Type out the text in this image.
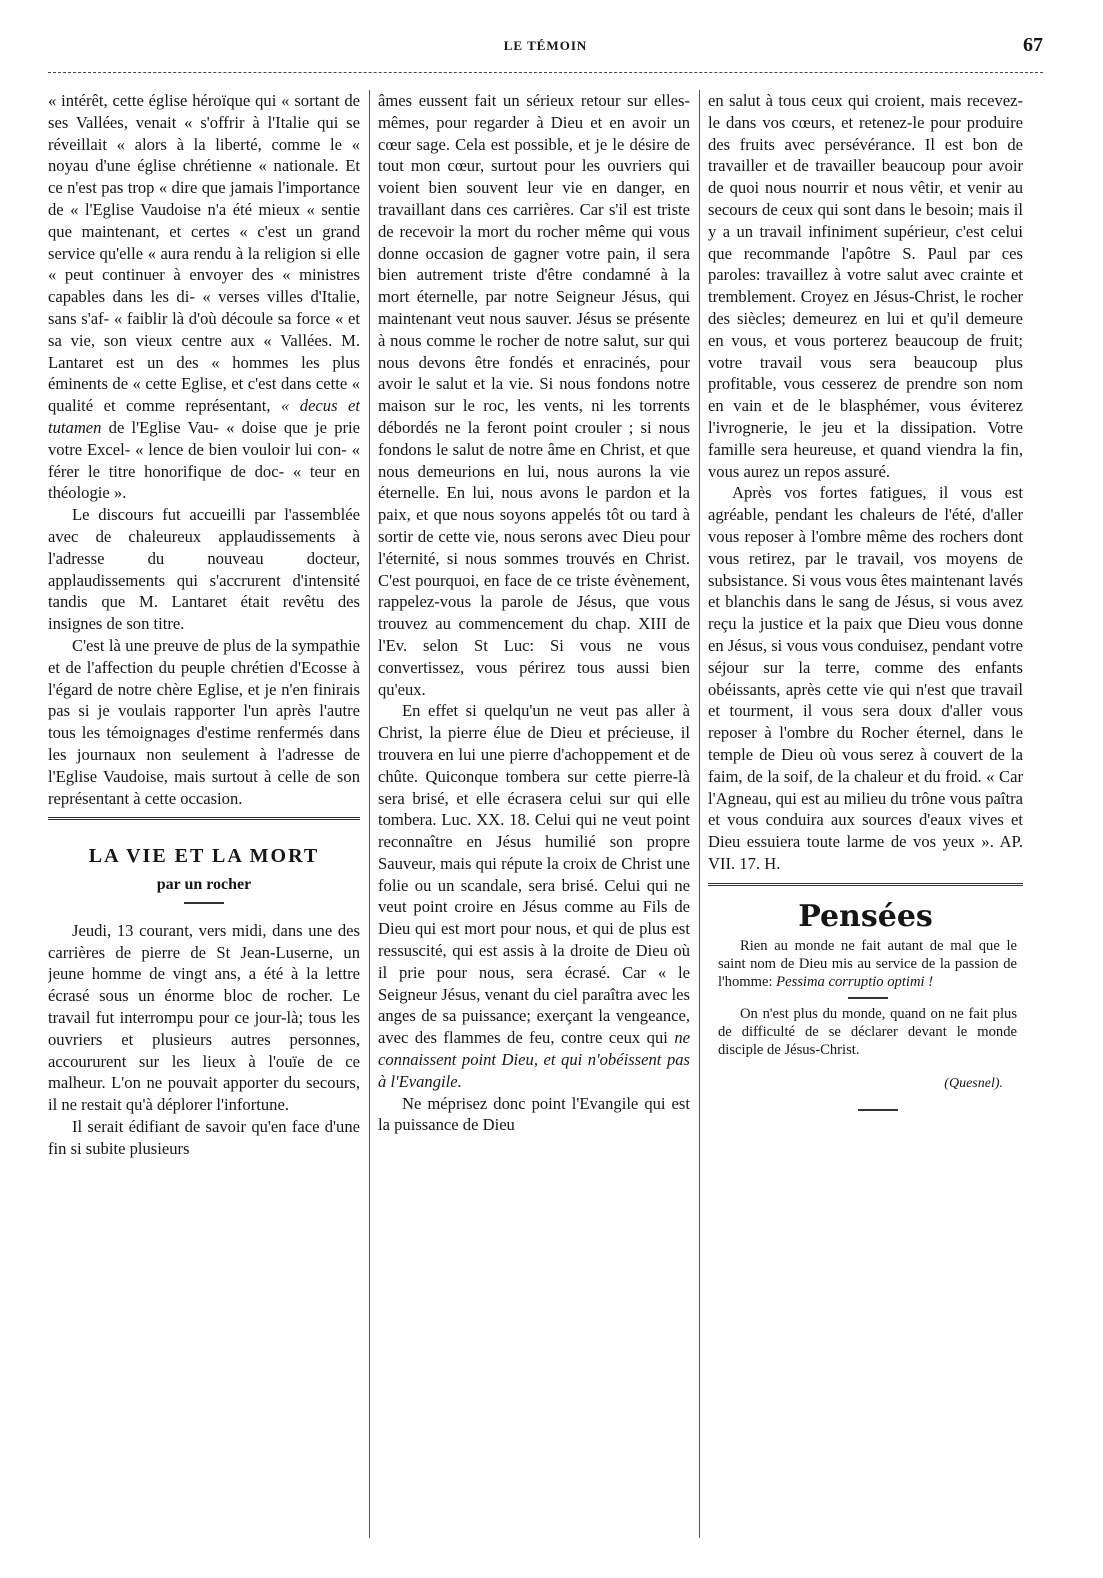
LE TÉMOIN	67

« intérêt, cette église héroïque qui « sortant de ses Vallées, venait « s'offrir à l'Italie qui se réveillait « alors à la liberté, comme le « noyau d'une église chrétienne « nationale. Et ce n'est pas trop « dire que jamais l'importance de « l'Eglise Vaudoise n'a été mieux « sentie que maintenant, et certes « c'est un grand service qu'elle « aura rendu à la religion si elle « peut continuer à envoyer des « ministres capables dans les di- « verses villes d'Italie, sans s'af- « faiblir là d'où découle sa force « et sa vie, son vieux centre aux « Vallées. M. Lantaret est un des « hommes les plus éminents de « cette Eglise, et c'est dans cette « qualité et comme représentant, « decus et tutamen de l'Eglise Vau- « doise que je prie votre Excel- « lence de bien vouloir lui con- « férer le titre honorifique de doc- « teur en théologie ».

Le discours fut accueilli par l'assemblée avec de chaleureux applaudissements à l'adresse du nouveau docteur, applaudissements qui s'accrurent d'intensité tandis que M. Lantaret était revêtu des insignes de son titre.

C'est là une preuve de plus de la sympathie et de l'affection du peuple chrétien d'Ecosse à l'égard de notre chère Eglise, et je n'en finirais pas si je voulais rapporter l'un après l'autre tous les témoignages d'estime renfermés dans les journaux non seulement à l'adresse de l'Eglise Vaudoise, mais surtout à celle de son représentant à cette occasion.

LA VIE ET LA MORT
par un rocher

Jeudi, 13 courant, vers midi, dans une des carrières de pierre de St Jean-Luserne, un jeune homme de vingt ans, a été à la lettre écrasé sous un énorme bloc de rocher. Le travail fut interrompu pour ce jour-là; tous les ouvriers et plusieurs autres personnes, accoururent sur les lieux à l'ouïe de ce malheur. L'on ne pouvait apporter du secours, il ne restait qu'à déplorer l'infortune.

Il serait édifiant de savoir qu'en face d'une fin si subite plusieurs

âmes eussent fait un sérieux retour sur elles-mêmes, pour regarder à Dieu et en avoir un cœur sage. Cela est possible, et je le désire de tout mon cœur, surtout pour les ouvriers qui voient bien souvent leur vie en danger, en travaillant dans ces carrières. Car s'il est triste de recevoir la mort du rocher même qui vous donne occasion de gagner votre pain, il sera bien autrement triste d'être condamné à la mort éternelle, par notre Seigneur Jésus, qui maintenant veut nous sauver. Jésus se présente à nous comme le rocher de notre salut, sur qui nous devons être fondés et enracinés, pour avoir le salut et la vie. Si nous fondons notre maison sur le roc, les vents, ni les torrents débordés ne la feront point crouler ; si nous fondons le salut de notre âme en Christ, et que nous demeurions en lui, nous aurons la vie éternelle. En lui, nous avons le pardon et la paix, et que nous soyons appelés tôt ou tard à sortir de cette vie, nous serons avec Dieu pour l'éternité, si nous sommes trouvés en Christ. C'est pourquoi, en face de ce triste évènement, rappelez-vous la parole de Jésus, que vous trouvez au commencement du chap. XIII de l'Ev. selon St Luc: Si vous ne vous convertissez, vous périrez tous aussi bien qu'eux.

En effet si quelqu'un ne veut pas aller à Christ, la pierre élue de Dieu et précieuse, il trouvera en lui une pierre d'achoppement et de chûte. Quiconque tombera sur cette pierre-là sera brisé, et elle écrasera celui sur qui elle tombera. Luc. XX. 18. Celui qui ne veut point reconnaître en Jésus humilié son propre Sauveur, mais qui répute la croix de Christ une folie ou un scandale, sera brisé. Celui qui ne veut point croire en Jésus comme au Fils de Dieu qui est mort pour nous, et qui de plus est ressuscité, qui est assis à la droite de Dieu où il prie pour nous, sera écrasé. Car « le Seigneur Jésus, venant du ciel paraîtra avec les anges de sa puissance; exerçant la vengeance, avec des flammes de feu, contre ceux qui ne connaissent point Dieu, et qui n'obéissent pas à l'Evangile.

Ne méprisez donc point l'Evangile qui est la puissance de Dieu

en salut à tous ceux qui croient, mais recevez-le dans vos cœurs, et retenez-le pour produire des fruits avec persévérance. Il est bon de travailler et de travailler beaucoup pour avoir de quoi nous nourrir et nous vêtir, et venir au secours de ceux qui sont dans le besoin; mais il y a un travail infiniment supérieur, c'est celui que recommande l'apôtre S. Paul par ces paroles: travaillez à votre salut avec crainte et tremblement. Croyez en Jésus-Christ, le rocher des siècles; demeurez en lui et qu'il demeure en vous, et vous porterez beaucoup de fruit; votre travail vous sera beaucoup plus profitable, vous cesserez de prendre son nom en vain et de le blasphémer, vous éviterez l'ivrognerie, le jeu et la dissipation. Votre famille sera heureuse, et quand viendra la fin, vous aurez un repos assuré.

Après vos fortes fatigues, il vous est agréable, pendant les chaleurs de l'été, d'aller vous reposer à l'ombre même des rochers dont vous retirez, par le travail, vos moyens de subsistance. Si vous vous êtes maintenant lavés et blanchis dans le sang de Jésus, si vous avez reçu la justice et la paix que Dieu vous donne en Jésus, si vous vous conduisez, pendant votre séjour sur la terre, comme des enfants obéissants, après cette vie qui n'est que travail et tourment, il vous sera doux d'aller vous reposer à l'ombre du Rocher éternel, dans le temple de Dieu où vous serez à couvert de la faim, de la soif, de la chaleur et du froid. « Car l'Agneau, qui est au milieu du trône vous paîtra et vous conduira aux sources d'eaux vives et Dieu essuiera toute larme de vos yeux ». AP. VII. 17. H.

Pensées

Rien au monde ne fait autant de mal que le saint nom de Dieu mis au service de la passion de l'homme: Pessima corruptio optimi !

On n'est plus du monde, quand on ne fait plus de difficulté de se déclarer devant le monde disciple de Jésus-Christ.

(Quesnel).
